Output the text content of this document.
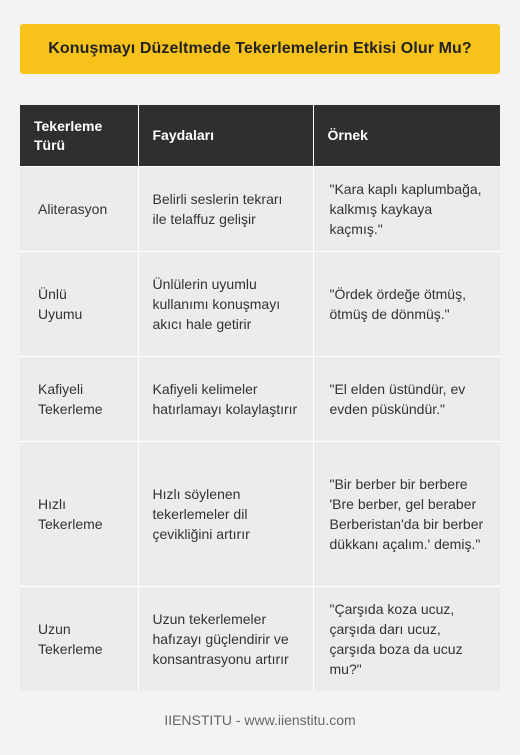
Konuşmayı Düzeltmede Tekerlemelerin Etkisi Olur Mu?
Tekerleme Türü	Faydaları	Örnek
Aliterasyon	Belirli seslerin tekrarı ile telaffuz gelişir	"Kara kaplı kaplumbağa, kalkmış kaykaya kaçmış."
Ünlü Uyumu	Ünlülerin uyumlu kullanımı konuşmayı akıcı hale getirir	"Ördek ördeğe ötmüş, ötmüş de dönmüş."
Kafiyeli Tekerleme	Kafiyeli kelimeler hatırlamayı kolaylaştırır	"El elden üstündür, ev evden püskündür."
Hızlı Tekerleme	Hızlı söylenen tekerlemeler dil çevikliğini artırır	"Bir berber bir berbere 'Bre berber, gel beraber Berberistan'da bir berber dükkanı açalım.' demiş."
Uzun Tekerleme	Uzun tekerlemeler hafızayı güçlendirir ve konsantrasyonu artırır	"Çarşıda koza ucuz, çarşıda darı ucuz, çarşıda boza da ucuz mu?"
IIENSTITU - www.iienstitu.com
